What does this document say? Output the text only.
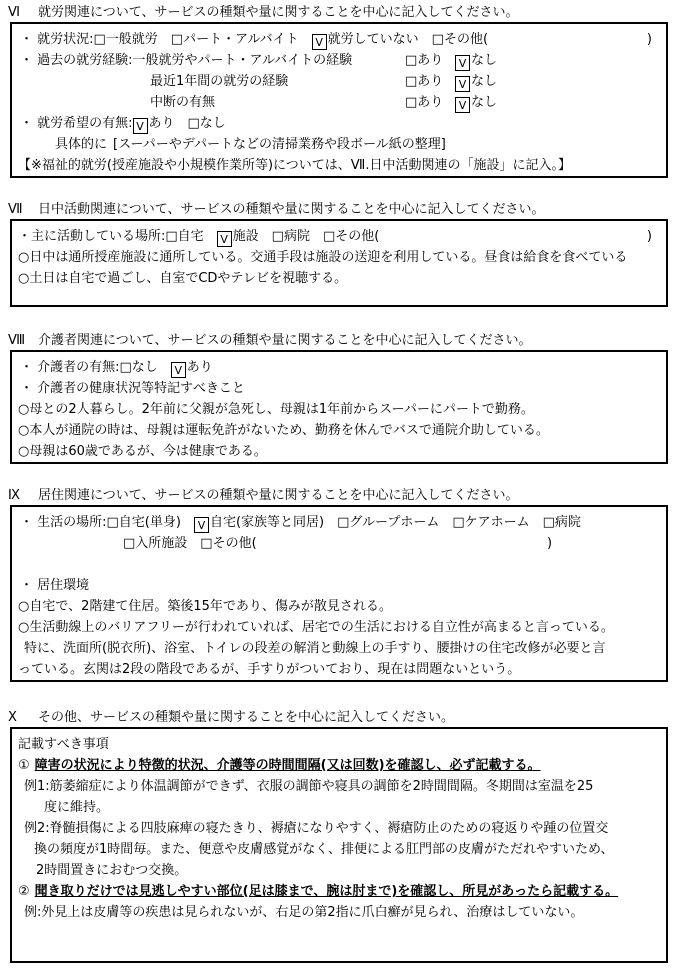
Ⅵ 就労関連について、サービスの種類や量に関することを中心に記入してください。
・ 就労状況:□一般就労　□パート・アルバイト　V 就労していない　□その他(	)
・ 過去の就労経験:一般就労やパート・アルバイトの経験	□あり	V なし
最近1年間の就労の経験	□あり	V なし
中断の有無	□あり	V なし
・ 就労希望の有無: V あり　□なし
具体的に [スーパーやデパートなどの清掃業務や段ボール紙の整理]
【※福祉的就労(授産施設や小規模作業所等)については、Ⅶ.日中活動関連の「施設」に記入。】
Ⅶ 日中活動関連について、サービスの種類や量に関することを中心に記入してください。
・主に活動している場所:□自宅　V 施設　□病院　□その他(	)
○日中は通所授産施設に通所している。交通手段は施設の送迎を利用している。昼食は給食を食べている
○土日は自宅で過ごし、自室でCDやテレビを視聴する。
Ⅷ 介護者関連について、サービスの種類や量に関することを中心に記入してください。
・ 介護者の有無:□なし　V あり
・ 介護者の健康状況等特記すべきこと
○母との2人暮らし。2年前に父親が急死し、母親は1年前からスーパーにパートで勤務。
○本人が通院の時は、母親は運転免許がないため、勤務を休んでバスで通院介助している。
○母親は60歳であるが、今は健康である。
Ⅸ 居住関連について、サービスの種類や量に関することを中心に記入してください。
・ 生活の場所:□自宅(単身)　V 自宅(家族等と同居)　□グループホーム　□ケアホーム　□病院
□入所施設　□その他(	)
・ 居住環境
○自宅で、2階建て住居。築後15年であり、傷みが散見される。
○生活動線上のバリアフリーが行われていれば、居宅での生活における自立性が高まると言っている。
特に、洗面所(脱衣所)、浴室、トイレの段差の解消と動線上の手すり、腰掛けの住宅改修が必要と言
っている。玄関は2段の階段であるが、手すりがついており、現在は問題ないという。
Ⅹ その他、サービスの種類や量に関することを中心に記入してください。
記載すべき事項
① 障害の状況により特徴的状況、介護等の時間間隔(又は回数)を確認し、必ず記載する。
例1:筋萎縮症により体温調節ができず、衣服の調節や寝具の調節を2時間間隔。冬期間は室温を25
度に維持。
例2:脊髄損傷による四肢麻痺の寝たきり、褥瘡になりやすく、褥瘡防止のための寝返りや踵の位置交
換の頻度が1時間毎。また、便意や皮膚感覚がなく、排便による肛門部の皮膚がただれやすいため、
2時間置きにおむつ交換。
② 聞き取りだけでは見逃しやすい部位(足は膝まで、腕は肘まで)を確認し、所見があったら記載する。
例:外見上は皮膚等の疾患は見られないが、右足の第2指に爪白癬が見られ、治療はしていない。
